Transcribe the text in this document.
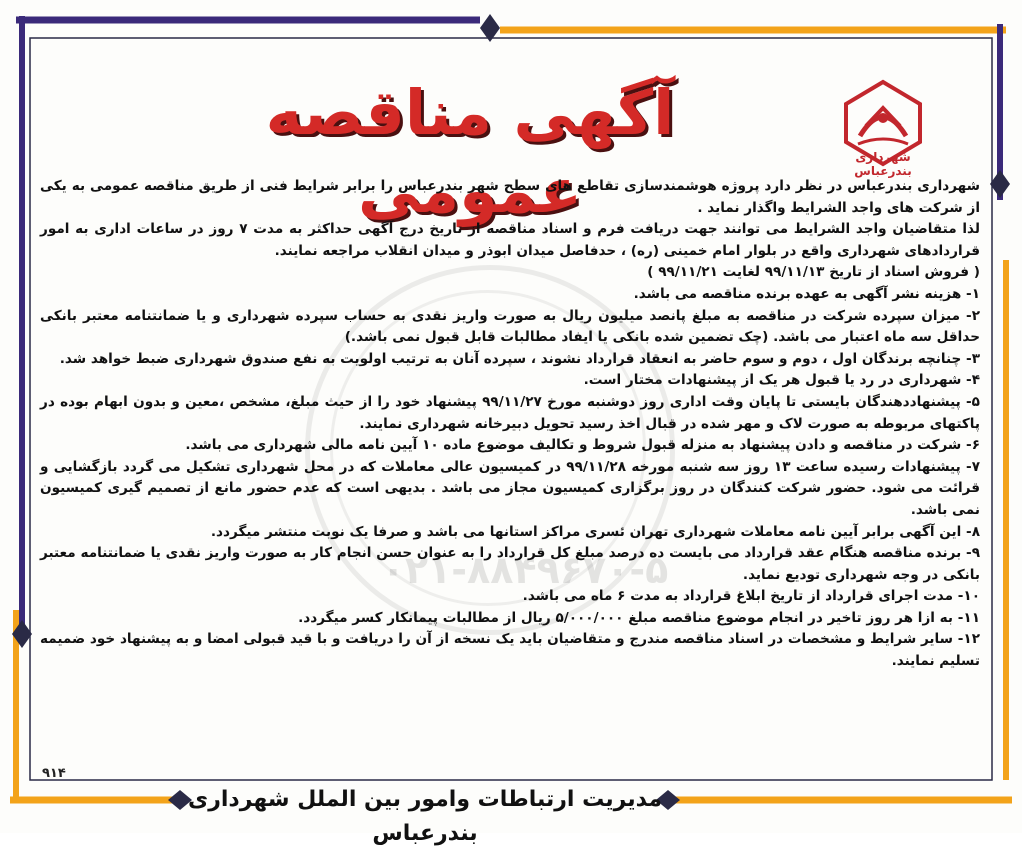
۰۲۱-۸۸۴۹۶۷۰-۵
شهرداری بندرعباس
آگهی مناقصه عمومی

شهرداری بندرعباس در نظر دارد پروژه هوشمندسازی تقاطع های سطح شهر بندرعباس را برابر شرایط فنی از طریق مناقصه عمومی به یکی از شرکت های واجد الشرایط واگذار نماید .

لذا متقاضیان واجد الشرایط می توانند جهت دریافت فرم و اسناد مناقصه از تاریخ درج آگهی حداکثر به مدت ۷ روز در ساعات اداری به امور قراردادهای شهرداری واقع در بلوار امام خمینی (ره) ، حدفاصل میدان ابوذر و میدان انقلاب مراجعه نمایند.

( فروش اسناد از تاریخ ۹۹/۱۱/۱۳ لغایت ۹۹/۱۱/۲۱ )

۱- هزینه نشر آگهی به عهده برنده مناقصه می باشد.

۲- میزان سپرده شرکت در مناقصه به مبلغ پانصد میلیون ریال به صورت واریز نقدی به حساب سپرده شهرداری و یا ضمانتنامه معتبر بانکی حداقل سه ماه اعتبار می باشد. (چک تضمین شده بانکی یا ایفاد مطالبات قابل قبول نمی باشد.)

۳- چنانچه برندگان اول ، دوم و سوم حاضر به انعقاد قرارداد نشوند ، سپرده آنان به ترتیب اولویت به نفع صندوق شهرداری ضبط خواهد شد.

۴- شهرداری در رد یا قبول هر یک از پیشنهادات مختار است.

۵- پیشنهاددهندگان بایستی تا پایان وقت اداری روز دوشنبه مورخ ۹۹/۱۱/۲۷ پیشنهاد خود را از حیث مبلغ، مشخص ،معین و بدون ابهام بوده در پاکتهای مربوطه به صورت لاک و مهر شده در قبال اخذ رسید تحویل دبیرخانه شهرداری نمایند.

۶- شرکت در مناقصه و دادن پیشنهاد به منزله قبول شروط و تکالیف موضوع ماده ۱۰ آیین نامه مالی شهرداری می باشد.

۷- پیشنهادات رسیده ساعت ۱۳ روز سه شنبه مورخه ۹۹/۱۱/۲۸ در کمیسیون عالی معاملات که در محل شهرداری تشکیل می گردد بازگشایی و قرائت می شود. حضور شرکت کنندگان در روز برگزاری کمیسیون مجاز می باشد . بدیهی است که عدم حضور مانع از تصمیم گیری کمیسیون نمی باشد.

۸- این آگهی برابر آیین نامه معاملات شهرداری تهران ئسری مراکز استانها می باشد و صرفا یک نوبت منتشر میگردد.

۹- برنده مناقصه هنگام عقد قرارداد می بایست ده درصد مبلغ کل قرارداد را به عنوان حسن انجام کار به صورت واریز نقدی یا ضمانتنامه معتبر بانکی در وجه شهرداری تودیع نماید.

۱۰- مدت اجرای قرارداد از تاریخ ابلاغ قرارداد به مدت ۶ ماه می باشد.

۱۱- به ازا هر روز تاخیر در انجام موضوع مناقصه مبلغ ۵/۰۰۰/۰۰۰ ریال از مطالبات پیمانکار کسر میگردد.

۱۲- سایر شرایط و مشخصات در اسناد مناقصه مندرج و متقاضیان باید یک نسخه از آن را دریافت و با قید قبولی امضا و به پیشنهاد خود ضمیمه تسلیم نمایند.

۹۱۴
مدیریت ارتباطات وامور بین الملل شهرداری بندرعباس
